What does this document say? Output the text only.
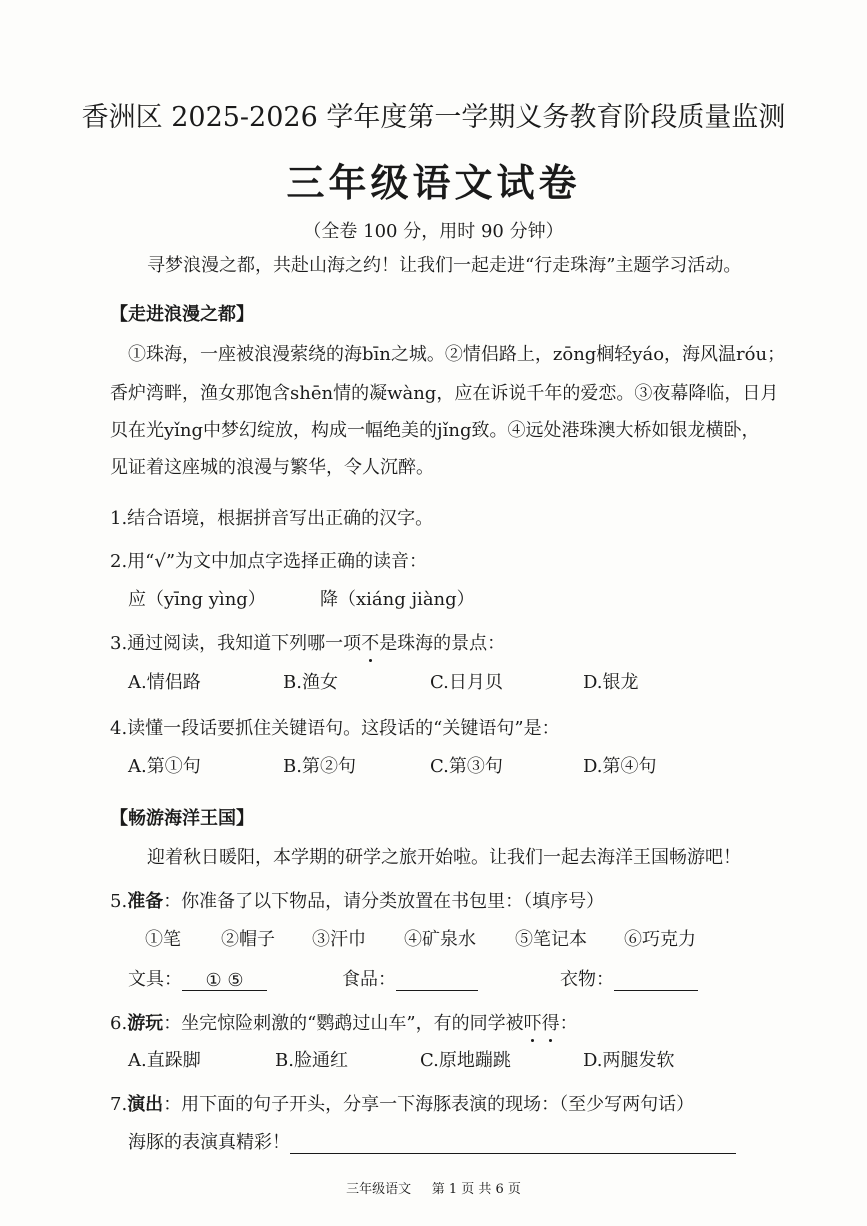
香洲区 2025-2026 学年度第一学期义务教育阶段质量监测
三年级语文试卷
（全卷 100 分，用时 90 分钟）
寻梦浪漫之都，共赴山海之约！让我们一起走进“行走珠海”主题学习活动。
【走进浪漫之都】
①珠海，一座被浪漫萦绕的海bīn之城。②情侣路上，zōng榈轻yáo，海风温róu；
香炉湾畔，渔女那饱含shēn情的凝wàng，应在诉说千年的爱恋。③夜幕降临，日月
贝在光yǐng中梦幻绽放，构成一幅绝美的jǐng致。④远处港珠澳大桥如银龙横卧，
见证着这座城的浪漫与繁华，令人沉醉。
1.结合语境，根据拼音写出正确的汉字。
2.用“√”为文中加点字选择正确的读音：
应（yīng yìng）	降（xiáng jiàng）
3.通过阅读，我知道下列哪一项不是珠海的景点：
A.情侣路	B.渔女	C.日月贝	D.银龙
4.读懂一段话要抓住关键语句。这段话的“关键语句”是：
A.第①句	B.第②句	C.第③句	D.第④句
【畅游海洋王国】
迎着秋日暖阳，本学期的研学之旅开始啦。让我们一起去海洋王国畅游吧！
5.准备：你准备了以下物品，请分类放置在书包里：（填序号）
①笔 ②帽子 ③汗巾 ④矿泉水 ⑤笔记本 ⑥巧克力
文具： ① ⑤	食品：	衣物：
6.游玩：坐完惊险刺激的“鹦鹉过山车”，有的同学被吓得：
A.直跺脚	B.脸通红	C.原地蹦跳	D.两腿发软
7.演出：用下面的句子开头，分享一下海豚表演的现场：（至少写两句话）
海豚的表演真精彩！
三年级语文     第 1 页 共 6 页
